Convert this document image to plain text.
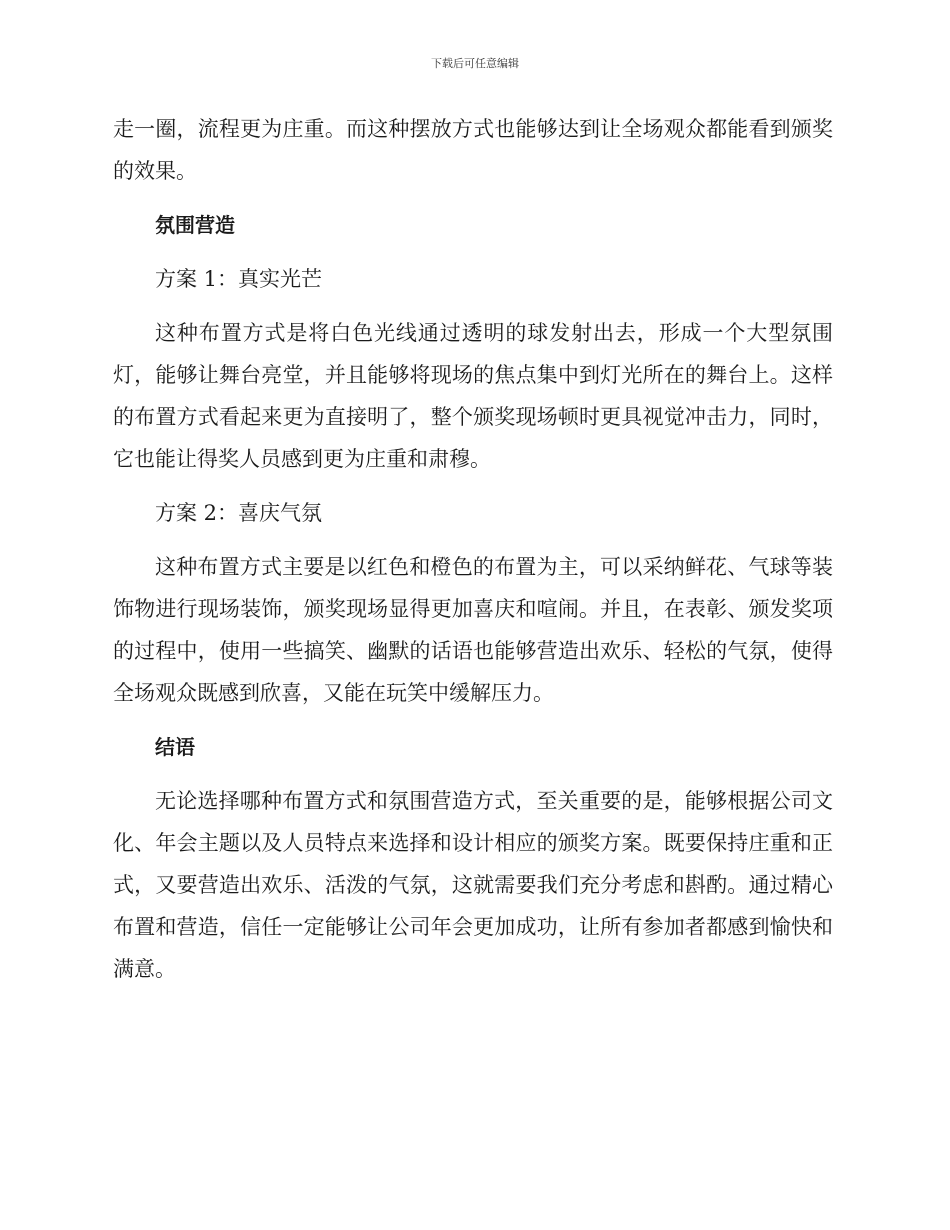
下载后可任意编辑

走一圈，流程更为庄重。而这种摆放方式也能够达到让全场观众都能看到颁奖的效果。

氛围营造

方案 1：真实光芒

这种布置方式是将白色光线通过透明的球发射出去，形成一个大型氛围灯，能够让舞台亮堂，并且能够将现场的焦点集中到灯光所在的舞台上。这样的布置方式看起来更为直接明了，整个颁奖现场顿时更具视觉冲击力，同时，它也能让得奖人员感到更为庄重和肃穆。

方案 2：喜庆气氛

这种布置方式主要是以红色和橙色的布置为主，可以采纳鲜花、气球等装饰物进行现场装饰，颁奖现场显得更加喜庆和喧闹。并且，在表彰、颁发奖项的过程中，使用一些搞笑、幽默的话语也能够营造出欢乐、轻松的气氛，使得全场观众既感到欣喜，又能在玩笑中缓解压力。

结语

无论选择哪种布置方式和氛围营造方式，至关重要的是，能够根据公司文化、年会主题以及人员特点来选择和设计相应的颁奖方案。既要保持庄重和正式，又要营造出欢乐、活泼的气氛，这就需要我们充分考虑和斟酌。通过精心布置和营造，信任一定能够让公司年会更加成功，让所有参加者都感到愉快和满意。
